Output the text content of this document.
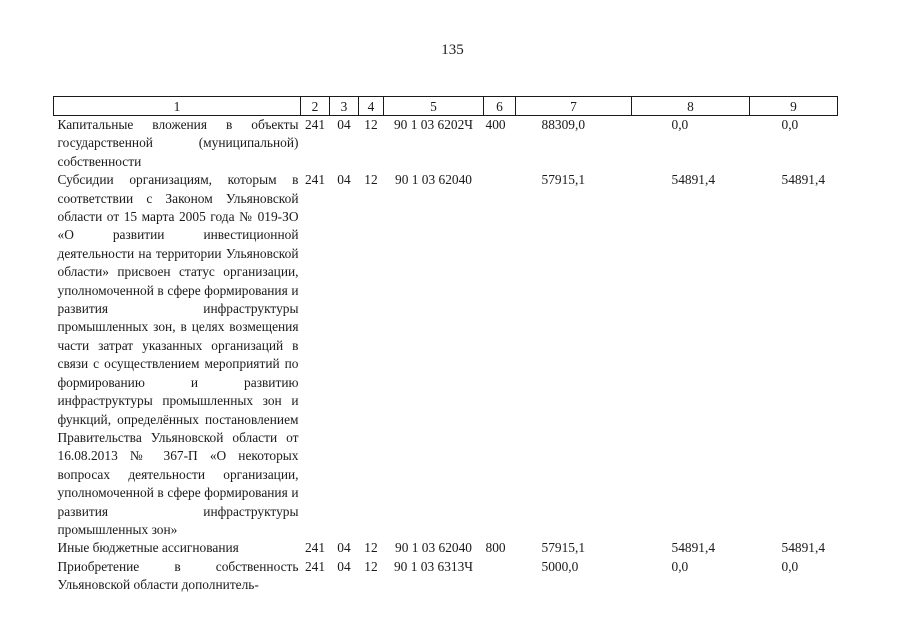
135
1	2	3	4	5	6	7	8	9
Капитальные вложения в объекты государственной (муниципальной) собственности	241	04	12	90 1 03 6202Ч	400	88309,0	0,0	0,0
Субсидии организациям, которым в соответствии с Законом Ульяновской области от 15 марта 2005 года № 019-ЗО «О развитии инвестиционной деятельности на территории Ульяновской области» присвоен статус организации, уполномоченной в сфере формирования и развития инфраструктуры промышленных зон, в целях возмещения части затрат указанных организаций в связи с осуществлением мероприятий по формированию и развитию инфраструктуры промышленных зон и функций, определённых постановлением Правительства Ульяновской области от 16.08.2013 № 367-П «О некоторых вопросах деятельности организации, уполномоченной в сфере формирования и развития инфраструктуры промышленных зон»	241	04	12	90 1 03 62040		57915,1	54891,4	54891,4
Иные бюджетные ассигнования	241	04	12	90 1 03 62040	800	57915,1	54891,4	54891,4
Приобретение в собственность Ульяновской области дополнитель-	241	04	12	90 1 03 6313Ч		5000,0	0,0	0,0
